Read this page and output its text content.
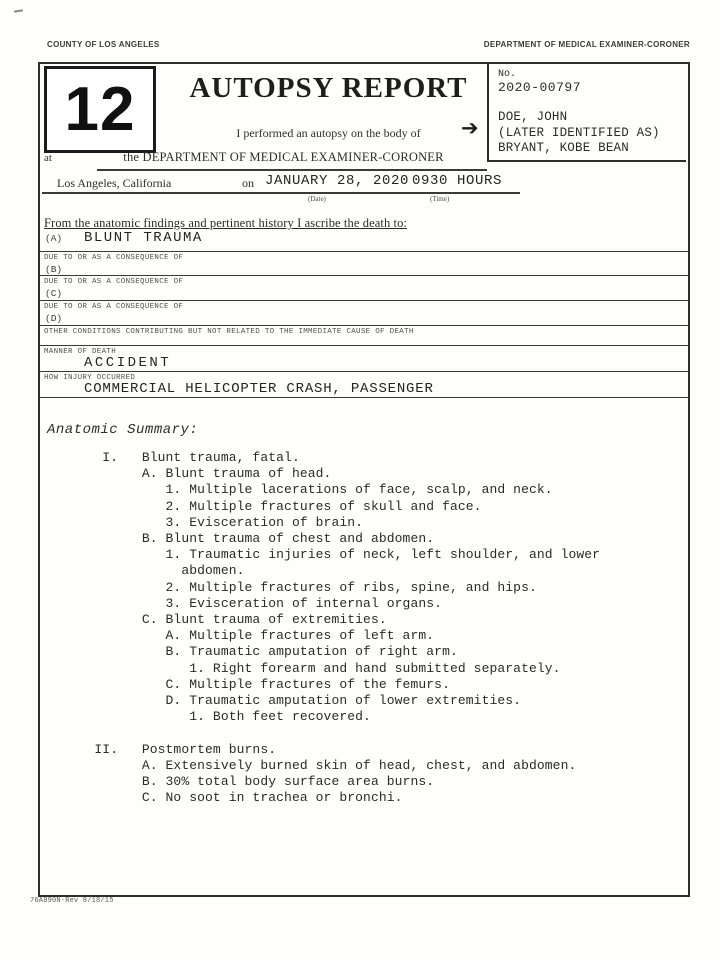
COUNTY OF LOS ANGELES	DEPARTMENT OF MEDICAL EXAMINER-CORONER
12	AUTOPSY REPORT
I performed an autopsy on the body of	➔
at	the DEPARTMENT OF MEDICAL EXAMINER-CORONER
No.
2020-00797
DOE, JOHN
(LATER IDENTIFIED AS)
BRYANT, KOBE BEAN
Los Angeles, California	on JANUARY 28, 2020 0930 HOURS
(Date)	(Time)
From the anatomic findings and pertinent history I ascribe the death to:
(A) BLUNT TRAUMA
DUE TO OR AS A CONSEQUENCE OF
(B)
DUE TO OR AS A CONSEQUENCE OF
(C)
DUE TO OR AS A CONSEQUENCE OF
(D)
OTHER CONDITIONS CONTRIBUTING BUT NOT RELATED TO THE IMMEDIATE CAUSE OF DEATH
MANNER OF DEATH
ACCIDENT
HOW INJURY OCCURRED
COMMERCIAL HELICOPTER CRASH, PASSENGER
Anatomic Summary:
I.   Blunt trauma, fatal.
A. Blunt trauma of head.
1. Multiple lacerations of face, scalp, and neck.
2. Multiple fractures of skull and face.
3. Evisceration of brain.
B. Blunt trauma of chest and abdomen.
1. Traumatic injuries of neck, left shoulder, and lower
abdomen.
2. Multiple fractures of ribs, spine, and hips.
3. Evisceration of internal organs.
C. Blunt trauma of extremities.
A. Multiple fractures of left arm.
B. Traumatic amputation of right arm.
1. Right forearm and hand submitted separately.
C. Multiple fractures of the femurs.
D. Traumatic amputation of lower extremities.
1. Both feet recovered.
II.   Postmortem burns.
A. Extensively burned skin of head, chest, and abdomen.
B. 30% total body surface area burns.
C. No soot in trachea or bronchi.
76A890N-Rev 8/18/15
